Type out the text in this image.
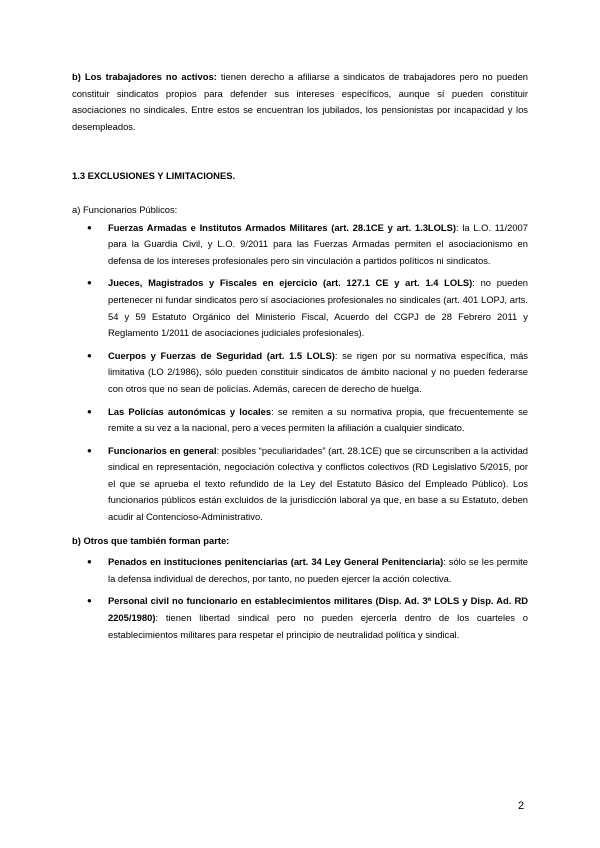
b) Los trabajadores no activos: tienen derecho a afiliarse a sindicatos de trabajadores pero no pueden constituir sindicatos propios para defender sus intereses específicos, aunque sí pueden constituir asociaciones no sindicales. Entre estos se encuentran los jubilados, los pensionistas por incapacidad y los desempleados.

1.3 EXCLUSIONES Y LIMITACIONES.

a) Funcionarios Públicos:

● Fuerzas Armadas e Institutos Armados Militares (art. 28.1CE y art. 1.3LOLS): la L.O. 11/2007 para la Guardia Civil, y L.O. 9/2011 para las Fuerzas Armadas permiten el asociacionismo en defensa de los intereses profesionales pero sin vinculación a partidos políticos ni sindicatos.
● Jueces, Magistrados y Fiscales en ejercicio (art. 127.1 CE y art. 1.4 LOLS): no pueden pertenecer ni fundar sindicatos pero sí asociaciones profesionales no sindicales (art. 401 LOPJ, arts. 54 y 59 Estatuto Orgánico del Ministerio Fiscal, Acuerdo del CGPJ de 28 Febrero 2011 y Reglamento 1/2011 de asociaciones judiciales profesionales).
● Cuerpos y Fuerzas de Seguridad (art. 1.5 LOLS): se rigen por su normativa específica, más limitativa (LO 2/1986), sólo pueden constituir sindicatos de ámbito nacional y no pueden federarse con otros que no sean de policías. Además, carecen de derecho de huelga.
● Las Policías autonómicas y locales: se remiten a su normativa propia, que frecuentemente se remite a su vez a la nacional, pero a veces permiten la afiliación a cualquier sindicato.
● Funcionarios en general: posibles “peculiaridades” (art. 28.1CE) que se circunscriben a la actividad sindical en representación, negociación colectiva y conflictos colectivos (RD Legislativo 5/2015, por el que se aprueba el texto refundido de la Ley del Estatuto Básico del Empleado Público). Los funcionarios públicos están excluidos de la jurisdicción laboral ya que, en base a su Estatuto, deben acudir al Contencioso-Administrativo.

b) Otros que también forman parte:

● Penados en instituciones penitenciarias (art. 34 Ley General Penitenciaria): sólo se les permite la defensa individual de derechos, por tanto, no pueden ejercer la acción colectiva.
● Personal civil no funcionario en establecimientos militares (Disp. Ad. 3ª LOLS y Disp. Ad. RD 2205/1980): tienen libertad sindical pero no pueden ejercerla dentro de los cuarteles o establecimientos militares para respetar el principio de neutralidad política y sindical.
2
